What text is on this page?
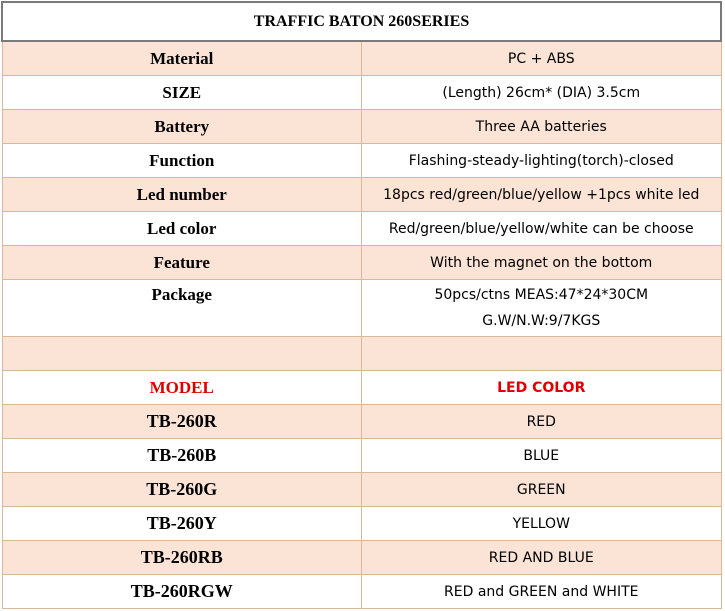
TRAFFIC BATON 260SERIES	
Material	PC + ABS
SIZE	(Length) 26cm* (DIA) 3.5cm
Battery	Three AA batteries
Function	Flashing-steady-lighting(torch)-closed
Led number	18pcs red/green/blue/yellow +1pcs white led
Led color	Red/green/blue/yellow/white can be choose
Feature	With the magnet on the bottom
Package	50pcs/ctns MEAS:47*24*30CM
G.W/N.W:9/7KGS

MODEL	LED COLOR
TB-260R	RED
TB-260B	BLUE
TB-260G	GREEN
TB-260Y	YELLOW
TB-260RB	RED AND BLUE
TB-260RGW	RED and GREEN and WHITE
